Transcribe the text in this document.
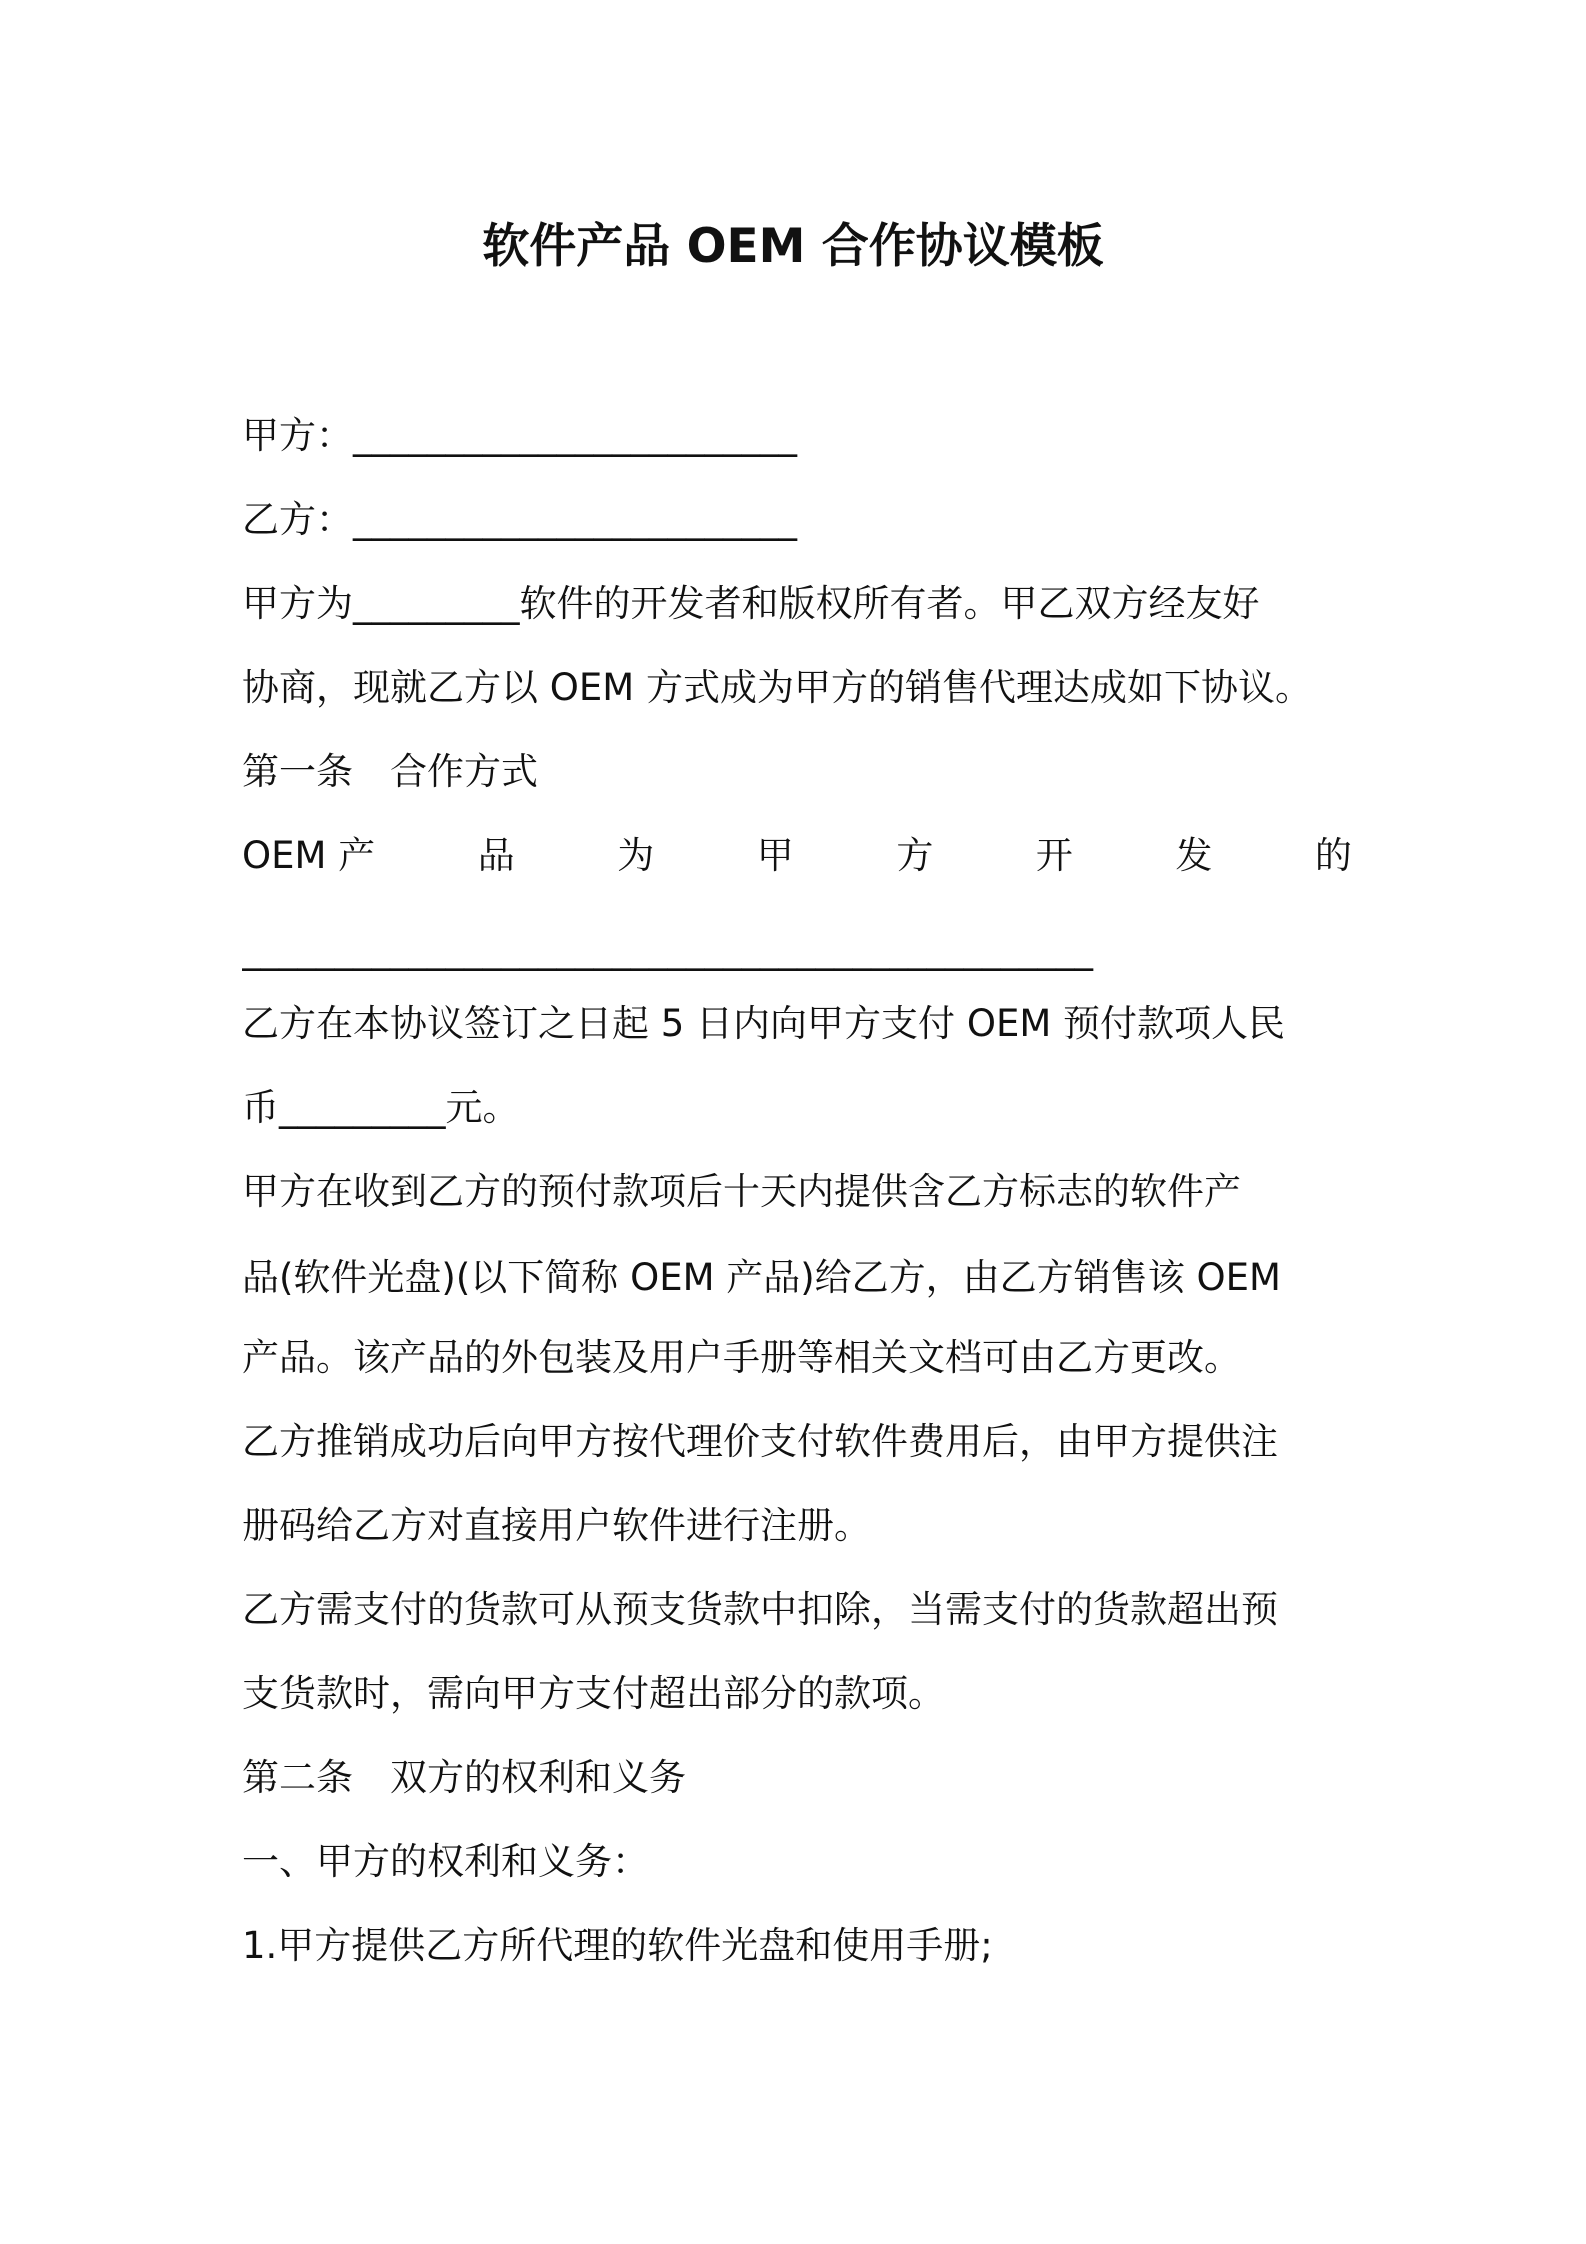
软件产品 OEM 合作协议模板
甲方：________________________
乙方：________________________
甲方为_________软件的开发者和版权所有者。甲乙双方经友好
协商，现就乙方以 OEM 方式成为甲方的销售代理达成如下协议。
第一条　合作方式
OEM 产	品	为	甲	方	开	发	的
______________________________________________
乙方在本协议签订之日起 5 日内向甲方支付 OEM 预付款项人民
币_________元。
甲方在收到乙方的预付款项后十天内提供含乙方标志的软件产
品(软件光盘)(以下简称 OEM 产品)给乙方，由乙方销售该 OEM
产品。该产品的外包装及用户手册等相关文档可由乙方更改。
乙方推销成功后向甲方按代理价支付软件费用后，由甲方提供注
册码给乙方对直接用户软件进行注册。
乙方需支付的货款可从预支货款中扣除，当需支付的货款超出预
支货款时，需向甲方支付超出部分的款项。
第二条　双方的权利和义务
一、甲方的权利和义务：
1.甲方提供乙方所代理的软件光盘和使用手册;
